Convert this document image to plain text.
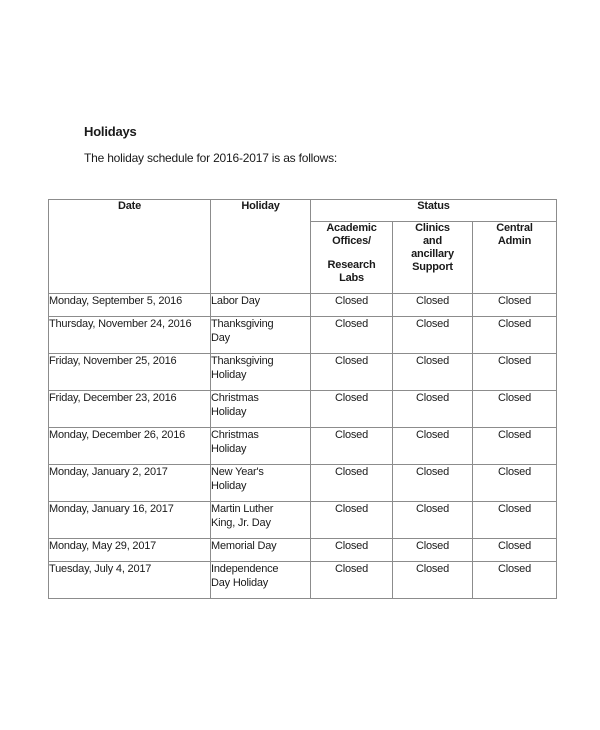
Holidays
The holiday schedule for 2016-2017 is as follows:
Date	Holiday	Status		

		Academic
Offices/
Research
Labs	Clinics
and
ancillary
Support	Central
Admin

Monday, September 5, 2016	Labor Day	Closed	Closed	Closed
Thursday, November 24, 2016	Thanksgiving
Day	Closed	Closed	Closed
Friday, November 25, 2016	Thanksgiving
Holiday	Closed	Closed	Closed
Friday, December 23, 2016	Christmas
Holiday	Closed	Closed	Closed
Monday, December 26, 2016	Christmas
Holiday	Closed	Closed	Closed
Monday, January 2, 2017	New Year's
Holiday	Closed	Closed	Closed
Monday, January 16, 2017	Martin Luther
King, Jr. Day	Closed	Closed	Closed
Monday, May 29, 2017	Memorial Day	Closed	Closed	Closed
Tuesday, July 4, 2017	Independence
Day Holiday	Closed	Closed	Closed
